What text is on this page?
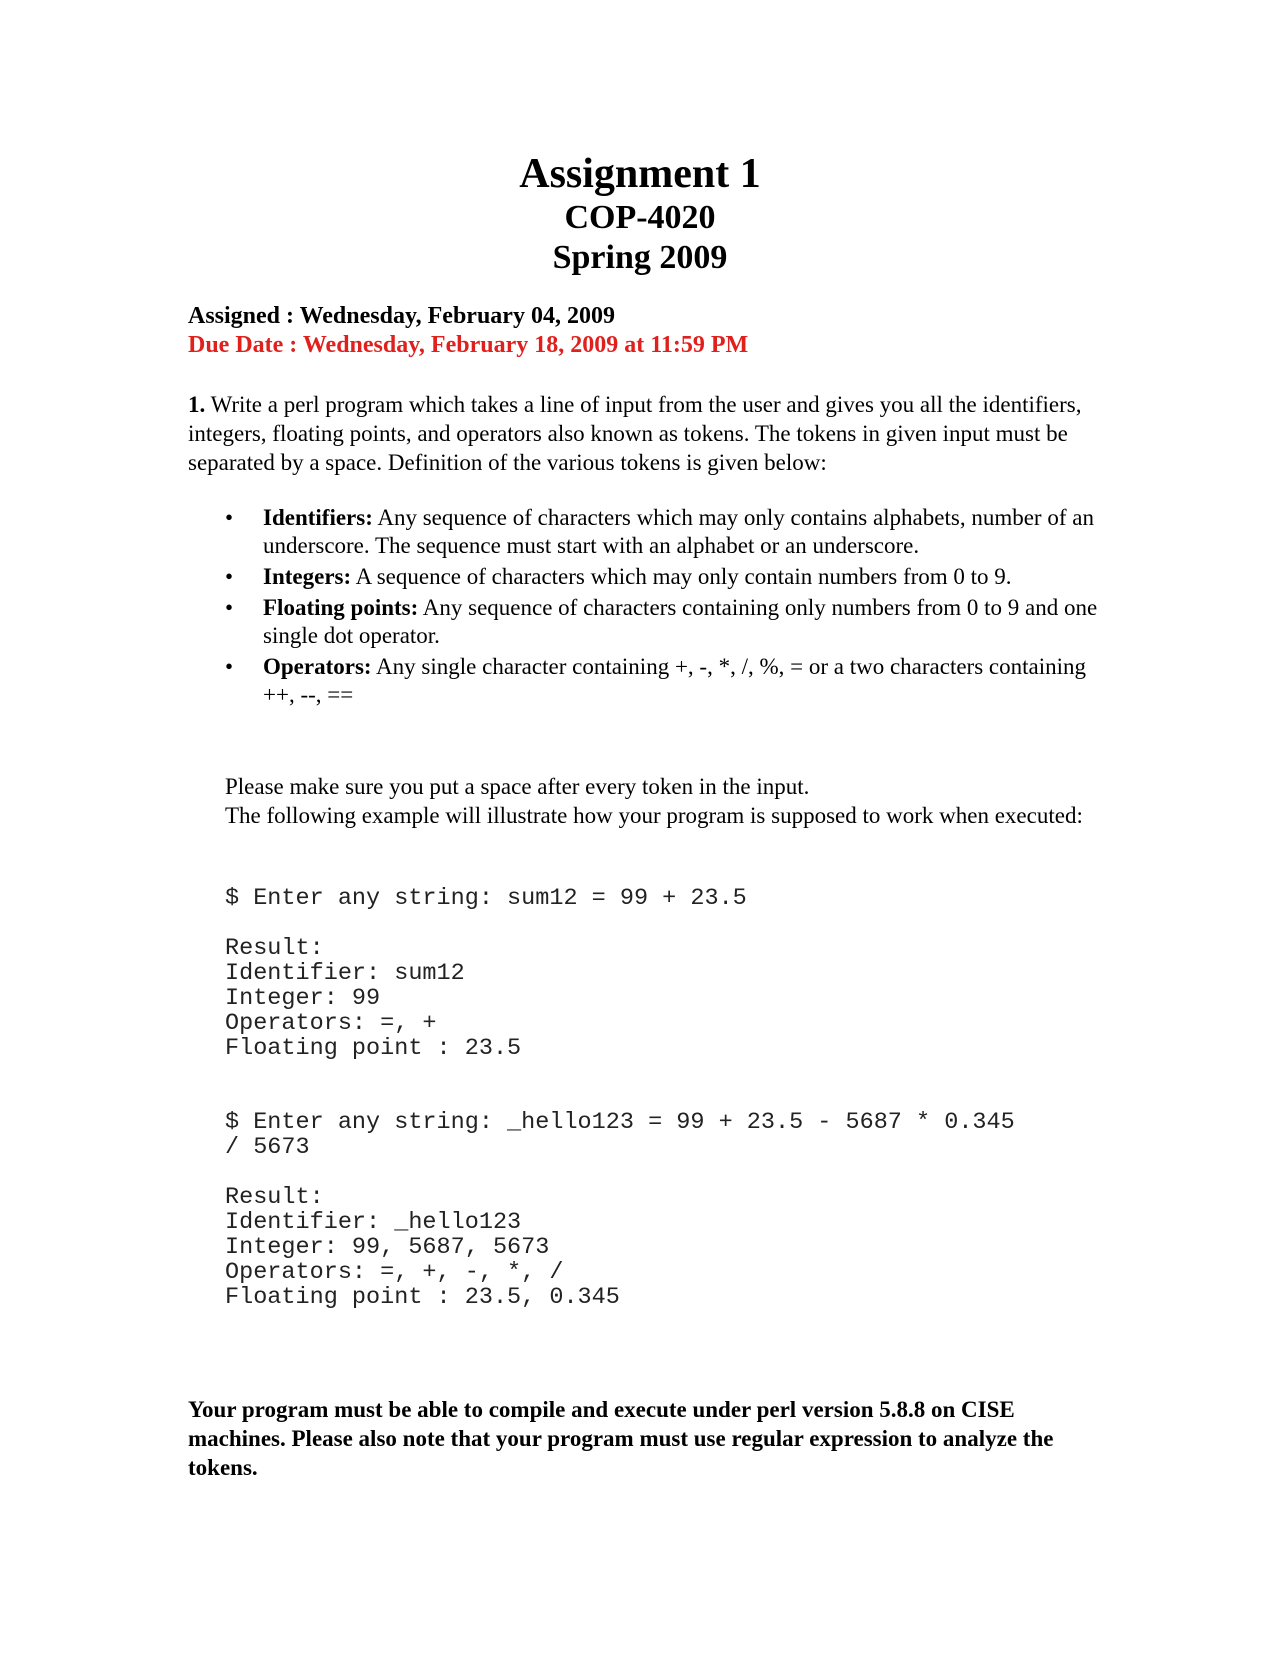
Assignment 1
COP-4020
Spring 2009
Assigned : Wednesday, February 04, 2009
Due Date : Wednesday, February 18, 2009 at 11:59 PM
1. Write a perl program which takes a line of input from the user and gives you all the identifiers, integers, floating points, and operators also known as tokens. The tokens in given input must be separated by a space. Definition of the various tokens is given below:
• Identifiers: Any sequence of characters which may only contains alphabets, number of an underscore. The sequence must start with an alphabet or an underscore.
• Integers: A sequence of characters which may only contain numbers from 0 to 9.
• Floating points: Any sequence of characters containing only numbers from 0 to 9 and one single dot operator.
• Operators: Any single character containing +, -, *, /, %, = or a two characters containing ++, --, ==
Please make sure you put a space after every token in the input.
The following example will illustrate how your program is supposed to work when executed:
$ Enter any string: sum12 = 99 + 23.5
Result:
Identifier: sum12
Integer: 99
Operators: =, +
Floating point : 23.5
$ Enter any string: _hello123 = 99 + 23.5 - 5687 * 0.345
/ 5673
Result:
Identifier: _hello123
Integer: 99, 5687, 5673
Operators: =, +, -, *, /
Floating point : 23.5, 0.345
Your program must be able to compile and execute under perl version 5.8.8 on CISE machines. Please also note that your program must use regular expression to analyze the tokens.
